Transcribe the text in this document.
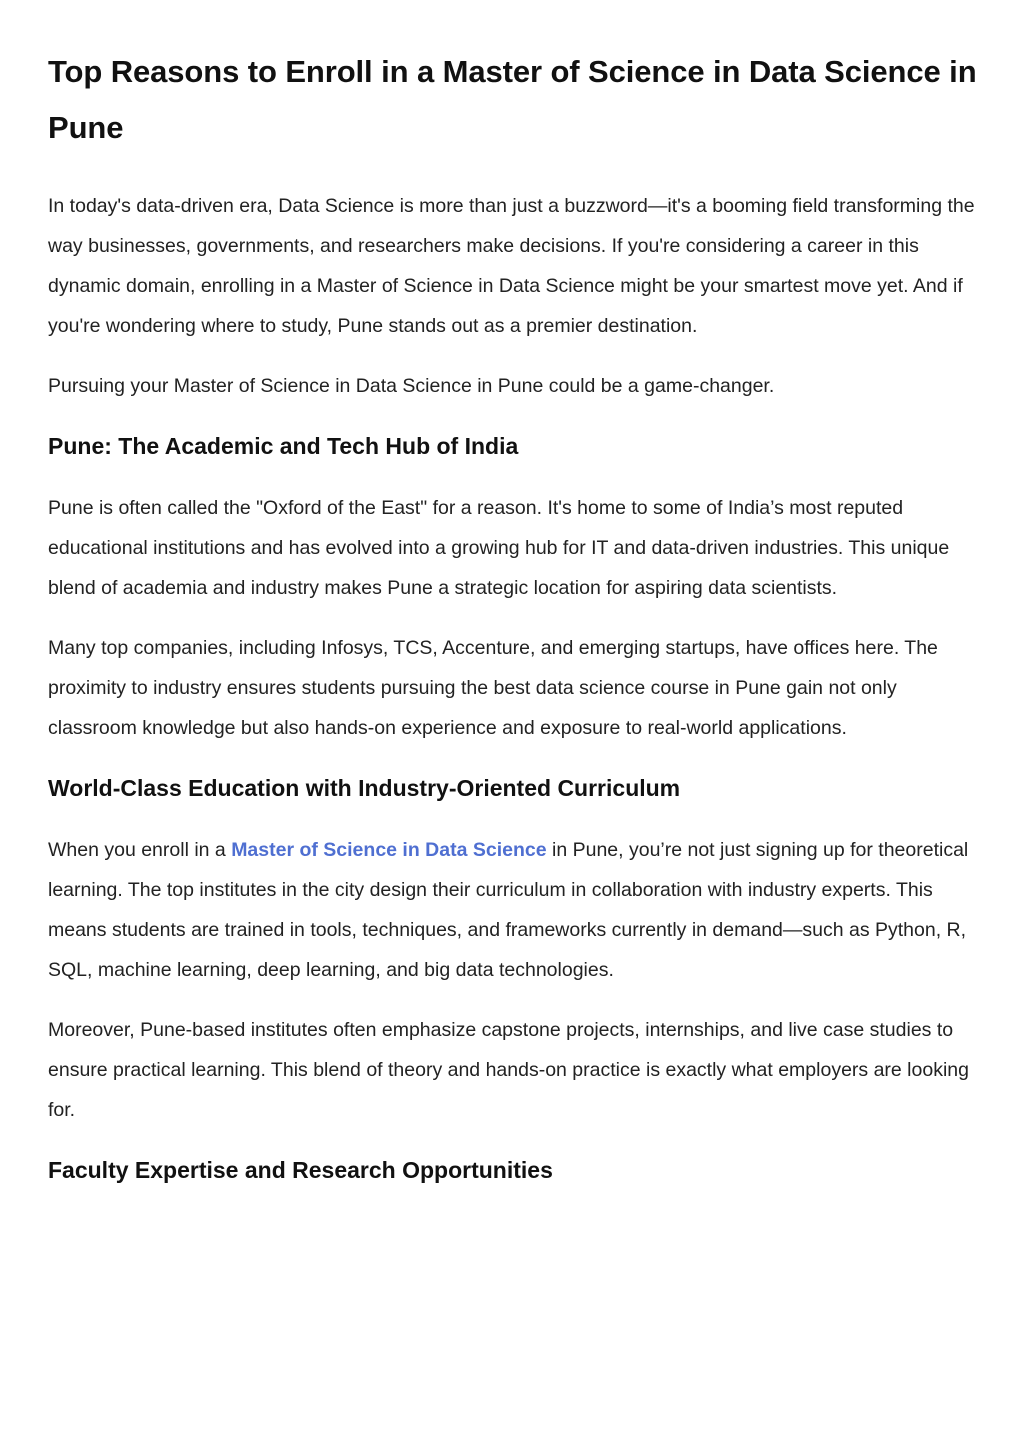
Top Reasons to Enroll in a Master of Science in Data Science in Pune

In today's data-driven era, Data Science is more than just a buzzword—it's a booming field transforming the way businesses, governments, and researchers make decisions. If you're considering a career in this dynamic domain, enrolling in a Master of Science in Data Science might be your smartest move yet. And if you're wondering where to study, Pune stands out as a premier destination.

Pursuing your Master of Science in Data Science in Pune could be a game-changer.

Pune: The Academic and Tech Hub of India

Pune is often called the "Oxford of the East" for a reason. It's home to some of India’s most reputed educational institutions and has evolved into a growing hub for IT and data-driven industries. This unique blend of academia and industry makes Pune a strategic location for aspiring data scientists.

Many top companies, including Infosys, TCS, Accenture, and emerging startups, have offices here. The proximity to industry ensures students pursuing the best data science course in Pune gain not only classroom knowledge but also hands-on experience and exposure to real-world applications.

World-Class Education with Industry-Oriented Curriculum

When you enroll in a Master of Science in Data Science in Pune, you’re not just signing up for theoretical learning. The top institutes in the city design their curriculum in collaboration with industry experts. This means students are trained in tools, techniques, and frameworks currently in demand—such as Python, R, SQL, machine learning, deep learning, and big data technologies.

Moreover, Pune-based institutes often emphasize capstone projects, internships, and live case studies to ensure practical learning. This blend of theory and hands-on practice is exactly what employers are looking for.

Faculty Expertise and Research Opportunities
